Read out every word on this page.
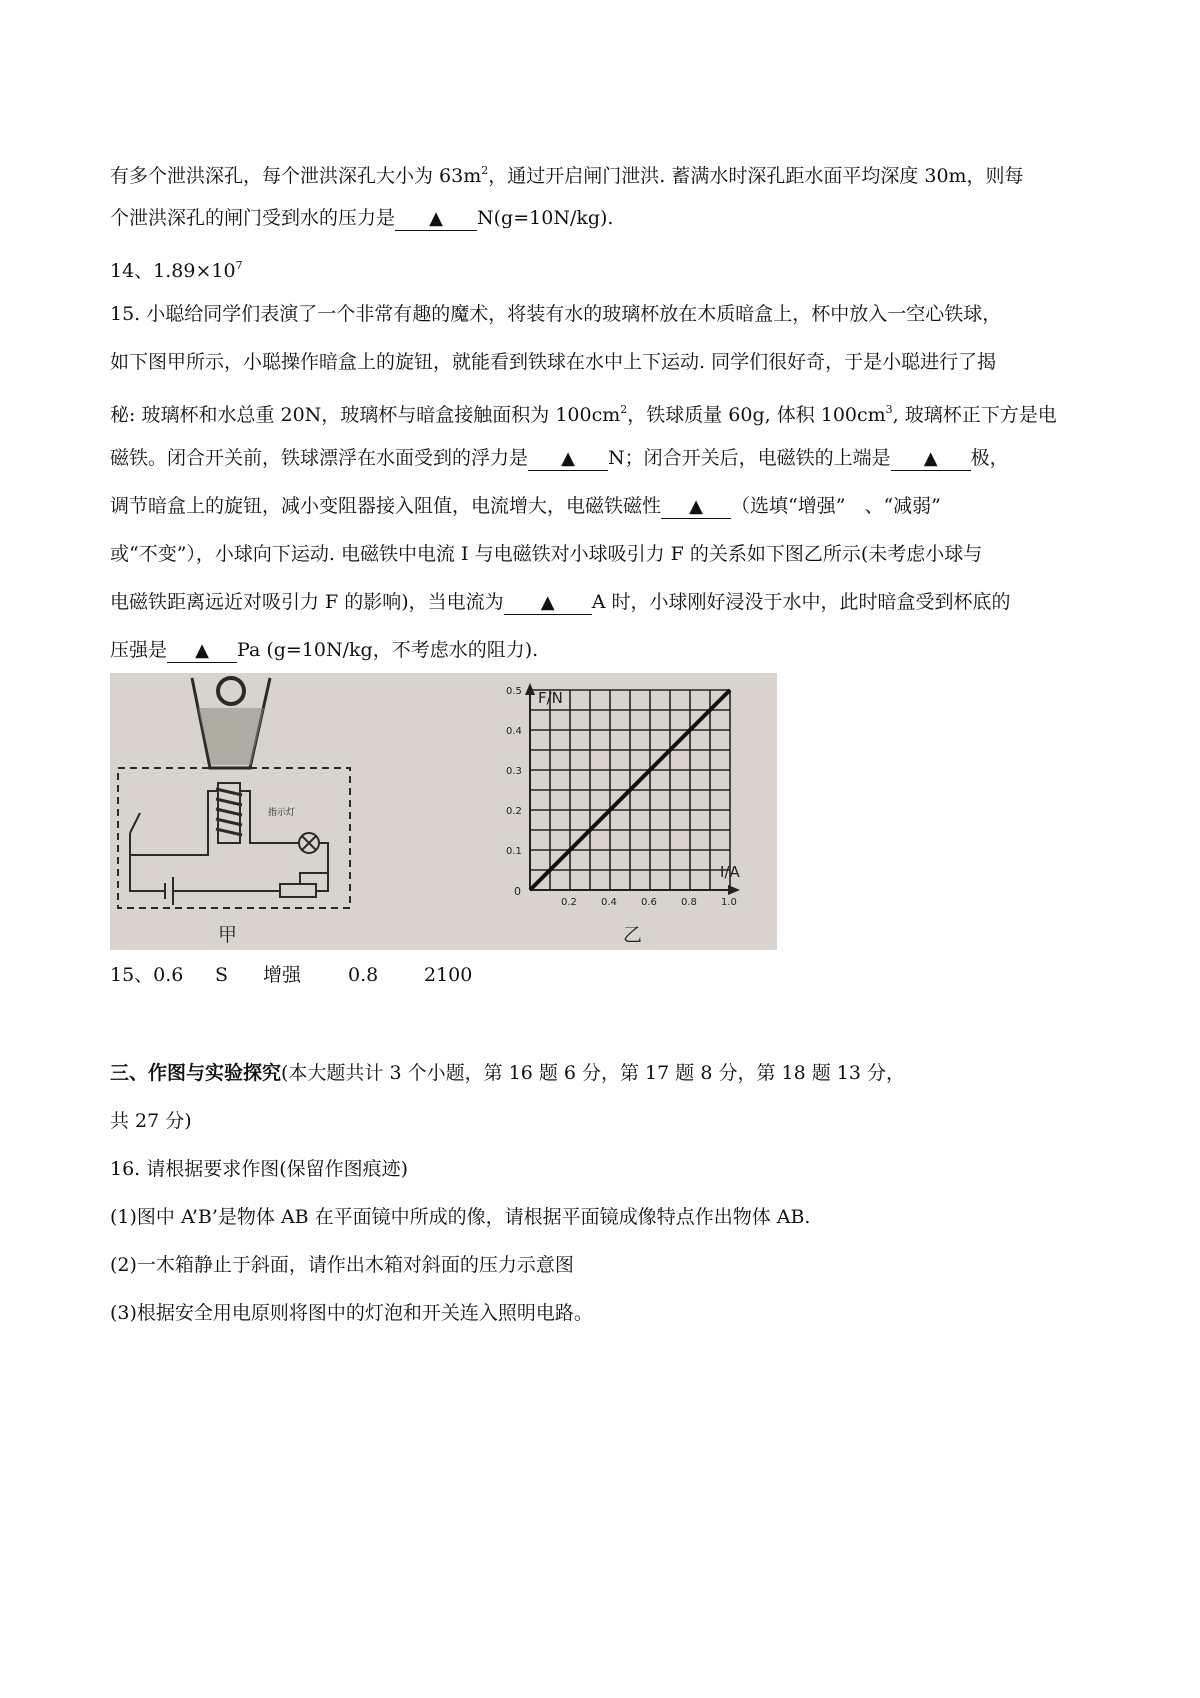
有多个泄洪深孔，每个泄洪深孔大小为 $63m^2$，通过开启闸门泄洪. 蓄满水时深孔距水面平均深度 30m，则每
个泄洪深孔的闸门受到水的压力是 ▲ N(g=10N/kg).
14、$1.89\times 10^7$
15. 小聪给同学们表演了一个非常有趣的魔术，将装有水的玻璃杯放在木质暗盒上，杯中放入一空心铁球，
如下图甲所示，小聪操作暗盒上的旋钮，就能看到铁球在水中上下运动. 同学们很好奇，于是小聪进行了揭
秘: 玻璃杯和水总重 20N，玻璃杯与暗盒接触面积为 $100cm^2$，铁球质量 60g, 体积 $100cm^3$, 玻璃杯正下方是电
磁铁。闭合开关前，铁球漂浮在水面受到的浮力是 ▲ N；闭合开关后，电磁铁的上端是 ▲ 极，
调节暗盒上的旋钮，减小变阻器接入阻值，电流增大，电磁铁磁性 ▲ （选填“增强”　、“减弱”
或“不变”），小球向下运动. 电磁铁中电流 I 与电磁铁对小球吸引力 F 的关系如下图乙所示(未考虑小球与
电磁铁距离远近对吸引力 F 的影响)，当电流为 ▲ A 时，小球刚好浸没于水中，此时暗盒受到杯底的
压强是 ▲ Pa (g=10N/kg，不考虑水的阻力).
指示灯
甲
F/N
I/A
0
0.1
0.2
0.3
0.4
0.5
0.2 0.4 0.6 0.8 1.0
乙
15、0.6 S 增强 0.8 2100
三、作图与实验探究(本大题共计 3 个小题，第 16 题 6 分，第 17 题 8 分，第 18 题 13 分，
共 27 分)
16. 请根据要求作图(保留作图痕迹)
(1)图中 A’B’是物体 AB 在平面镜中所成的像，请根据平面镜成像特点作出物体 AB.
(2)一木箱静止于斜面，请作出木箱对斜面的压力示意图
(3)根据安全用电原则将图中的灯泡和开关连入照明电路。
